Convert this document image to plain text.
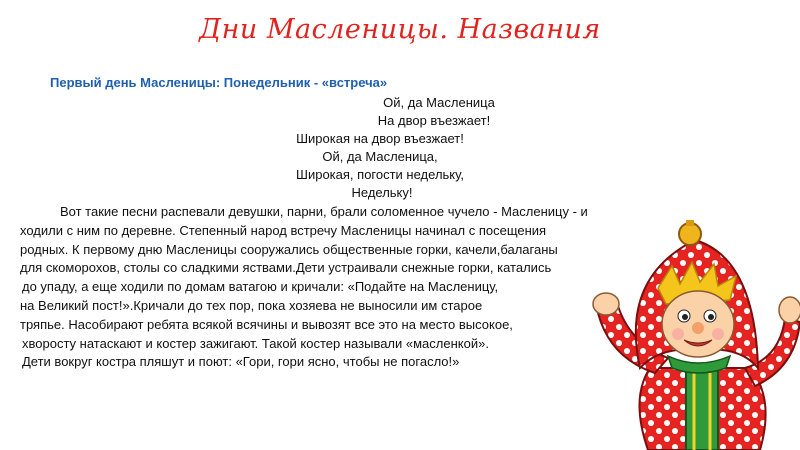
Дни Масленицы. Названия
Первый день Масленицы: Понедельник - «встреча»
Ой, да Масленица
На двор въезжает!
Широкая на двор въезжает!
Ой, да Масленица,
Широкая, погости недельку,
Недельку!
Вот такие песни распевали девушки, парни, брали соломенное чучело - Масленицу - и
ходили с ним по деревне. Степенный народ встречу Масленицы начинал с посещения
родных. К первому дню Масленицы сооружались общественные горки, качели,балаганы
для скоморохов, столы со сладкими яствами.Дети устраивали снежные горки, катались
до упаду, а еще ходили по домам ватагою и кричали: «Подайте на Масленицу,
на Великий пост!».Кричали до тех пор, пока хозяева не выносили им старое
тряпье. Насобирают ребята всякой всячины и вывозят все это на место высокое,
хворосту натаскают и костер зажигают. Такой костер называли «масленкой».
Дети вокруг костра пляшут и поют: «Гори, гори ясно, чтобы не погасло!»
